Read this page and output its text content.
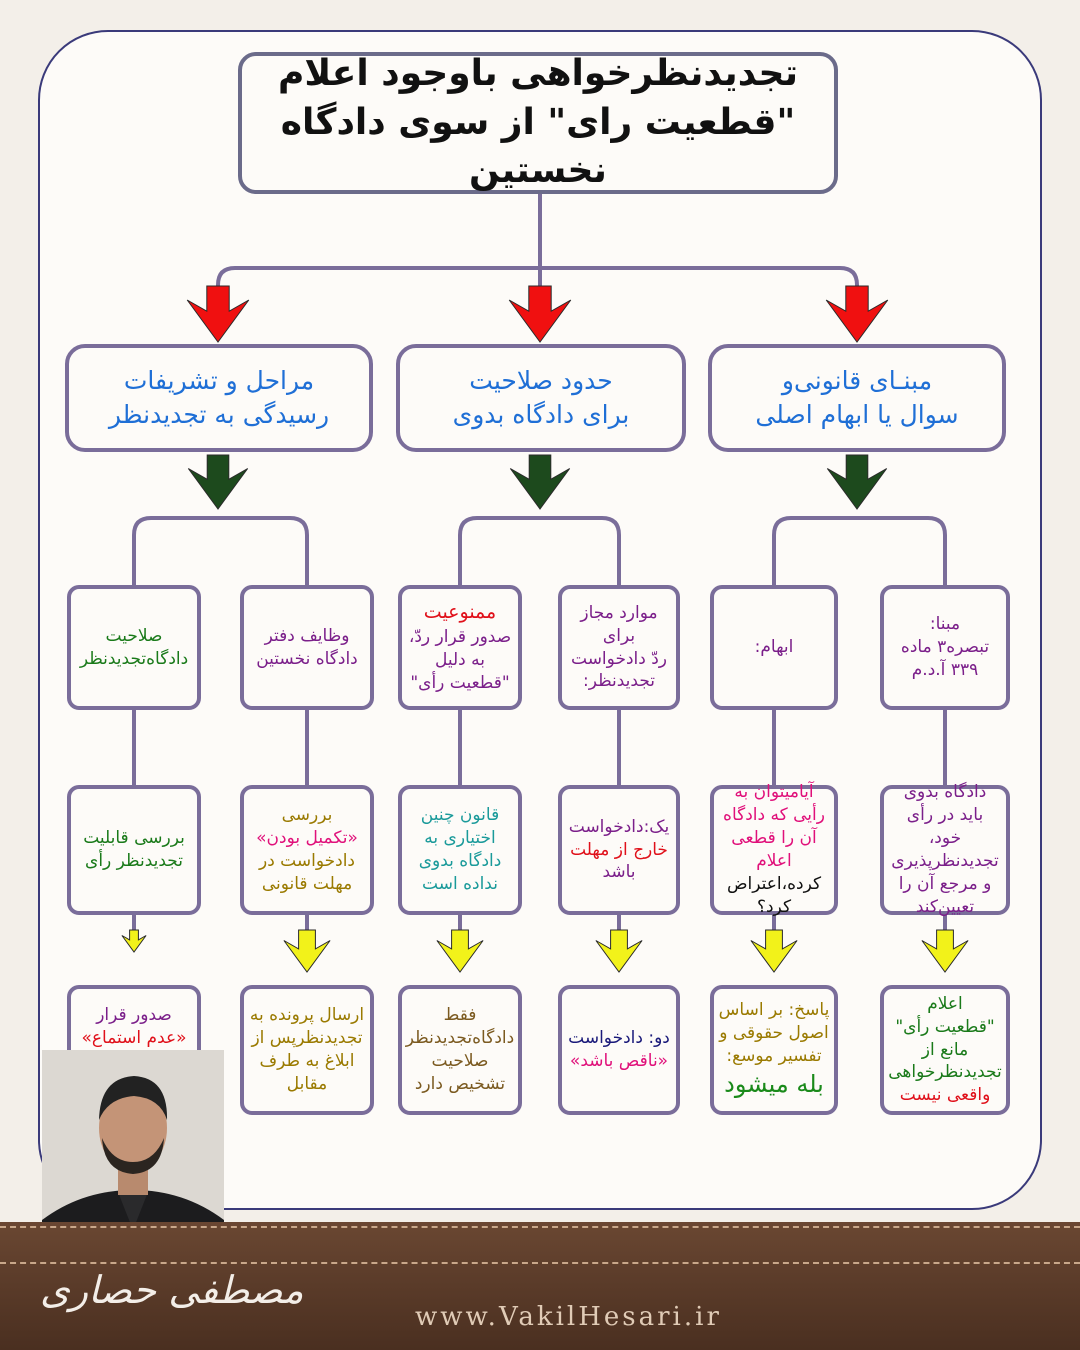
تجدیدنظرخواهی باوجود اعلام
"قطعیت رای" از سوی دادگاه نخستین
مبنـای قانونی‌و
سوال یا ابهام اصلی
حدود صلاحیت
برای دادگاه بدوی
مراحل و تشریفات
رسیدگی به تجدیدنظر
مبنا:
تبصره۳ ماده
۳۳۹ آ.د.م
ابهام:
موارد مجاز برای
ردّ دادخواست
تجدیدنظر:
ممنوعیت
صدور قرار ردّ،
به دلیل
"قطعیت رأی"
وظایف دفتر
دادگاه نخستین
صلاحیت
دادگاه‌تجدیدنظر
دادگاه بدوی
باید در رأی خود،
تجدیدنظرپذیری
و مرجع آن را
تعیین‌کند
آیامیتوان به
رأیی که دادگاه
آن را قطعی اعلام
کرده،اعتراض
کرد؟
یک:دادخواست
خارج از مهلت
باشد
قانون چنین
اختیاری به
دادگاه بدوی
نداده است
بررسی
«تکمیل بودن»
دادخواست در
مهلت قانونی
بررسی قابلیت
تجدیدنظر رأی
اعلام
"قطعیت رأی"
مانع از
تجدیدنظرخواهی
واقعی نیست
پاسخ: بر اساس
اصول حقوقی و
تفسیر موسع:
بله میشود
دو: دادخواست
«ناقص باشد»
فقط
دادگاه‌تجدیدنظر
صلاحیت
تشخیص دارد
ارسال پرونده به
تجدیدنظرپس از
ابلاغ به طرف
مقابل
صدور قرار
«عدم استماع»
مصطفی حصاری
www.VakilHesari.ir
